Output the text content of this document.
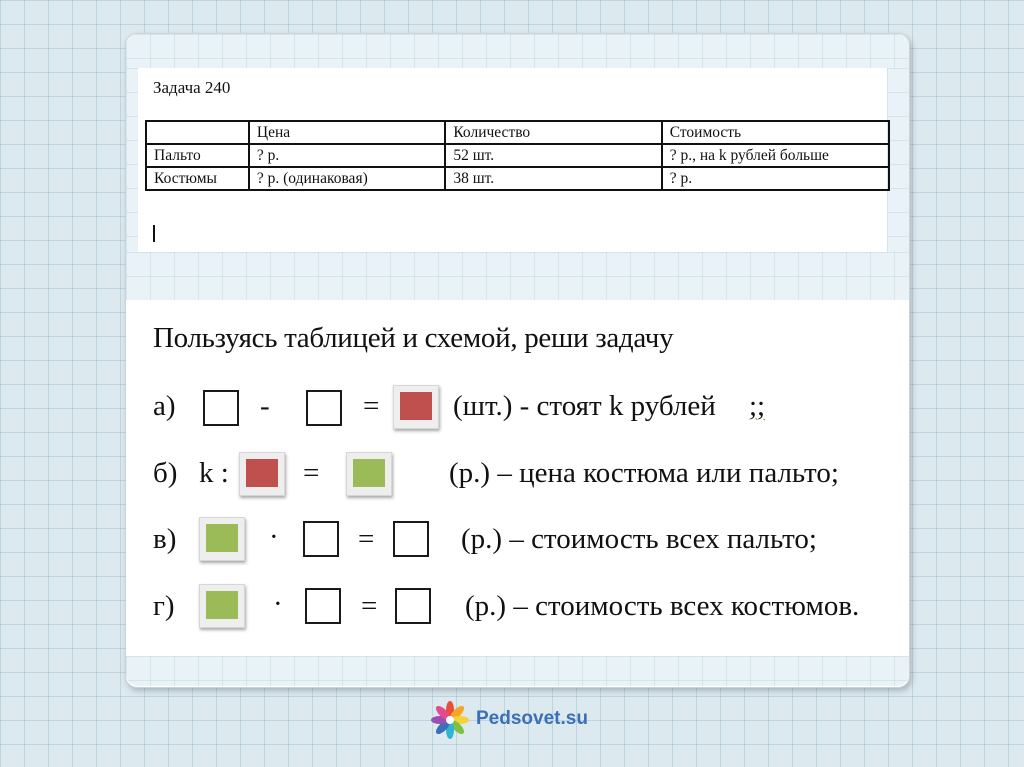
Задача 240
	Цена	Количество	Стоимость
Пальто	? р.	52 шт.	? р., на k рублей больше
Костюмы	? р. (одинаковая)	38 шт.	? р.
Пользуясь таблицей и схемой, реши задачу
а)	-	=	(шт.) - стоят k рублей ;;
б) k :	=	(р.) – цена костюма или пальто;
в)	·	=	(р.) – стоимость всех пальто;
г)	·	=	(р.) – стоимость всех костюмов.
Pedsovet.su
